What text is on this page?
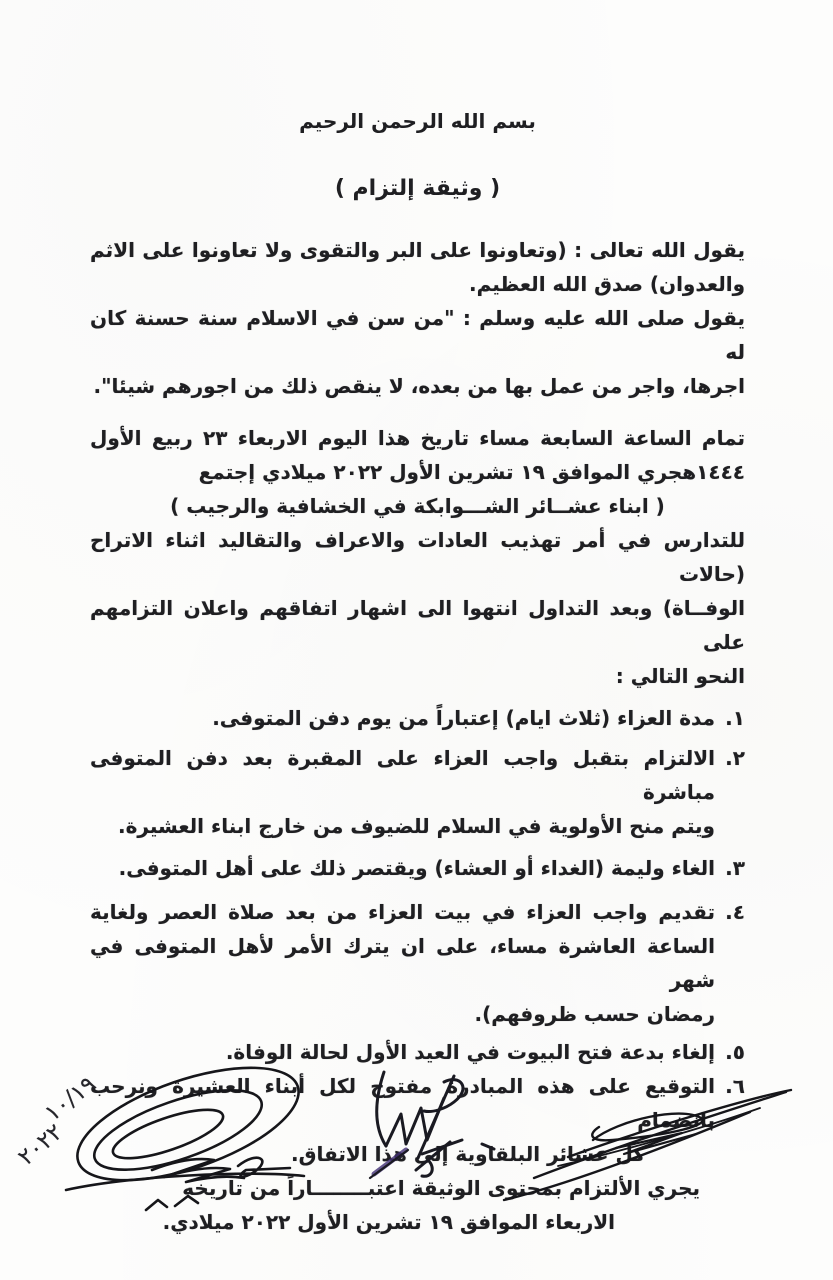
بسم الله الرحمن الرحيم
( وثيقة إلتزام )
يقول الله تعالى : (وتعاونوا على البر والتقوى ولا تعاونوا على الاثم
والعدوان) صدق الله العظيم.
يقول صلى الله عليه وسلم : "من سن في الاسلام سنة حسنة كان له
اجرها، واجر من عمل بها من بعده، لا ينقص ذلك من اجورهم شيئا".
تمام الساعة السابعة مساء تاريخ هذا اليوم الاربعاء ٢٣ ربيع الأول
١٤٤٤هجري الموافق ١٩ تشرين الأول ٢٠٢٢ ميلادي إجتمع
( ابناء عشــائر الشـــوابكة في الخشافية والرجيب )
للتدارس في أمر تهذيب العادات والاعراف والتقاليد اثناء الاتراح (حالات
الوفــاة) وبعد التداول انتهوا الى اشهار اتفاقهم واعلان التزامهم على
النحو التالي :
١.
مدة العزاء (ثلاث ايام) إعتباراً من يوم دفن المتوفى.
٢.
الالتزام بتقبل واجب العزاء على المقبرة بعد دفن المتوفى مباشرة
ويتم منح الأولوية في السلام للضيوف من خارج ابناء العشيرة.
٣.
الغاء وليمة (الغداء أو العشاء) ويقتصر ذلك على أهل المتوفى.
٤.
تقديم واجب العزاء في بيت العزاء من بعد صلاة العصر ولغاية
الساعة العاشرة مساء، على ان يترك الأمر لأهل المتوفى في شهر
رمضان حسب ظروفهم).
٥.
إلغاء بدعة فتح البيوت في العيد الأول لحالة الوفاة.
٦.
التوقيع على هذه المبادرة مفتوح لكل أبناء العشيرة ونرحب بانضمام
كل عشائر البلقاوية إلى هذا الاتفاق.
يجري الألتزام بمحتوى الوثيقة اعتبــــــــاراً من تاريخه
الاربعاء الموافق ١٩ تشرين الأول ٢٠٢٢ ميلادي.
١٠/١٩
٢٠٢٢
